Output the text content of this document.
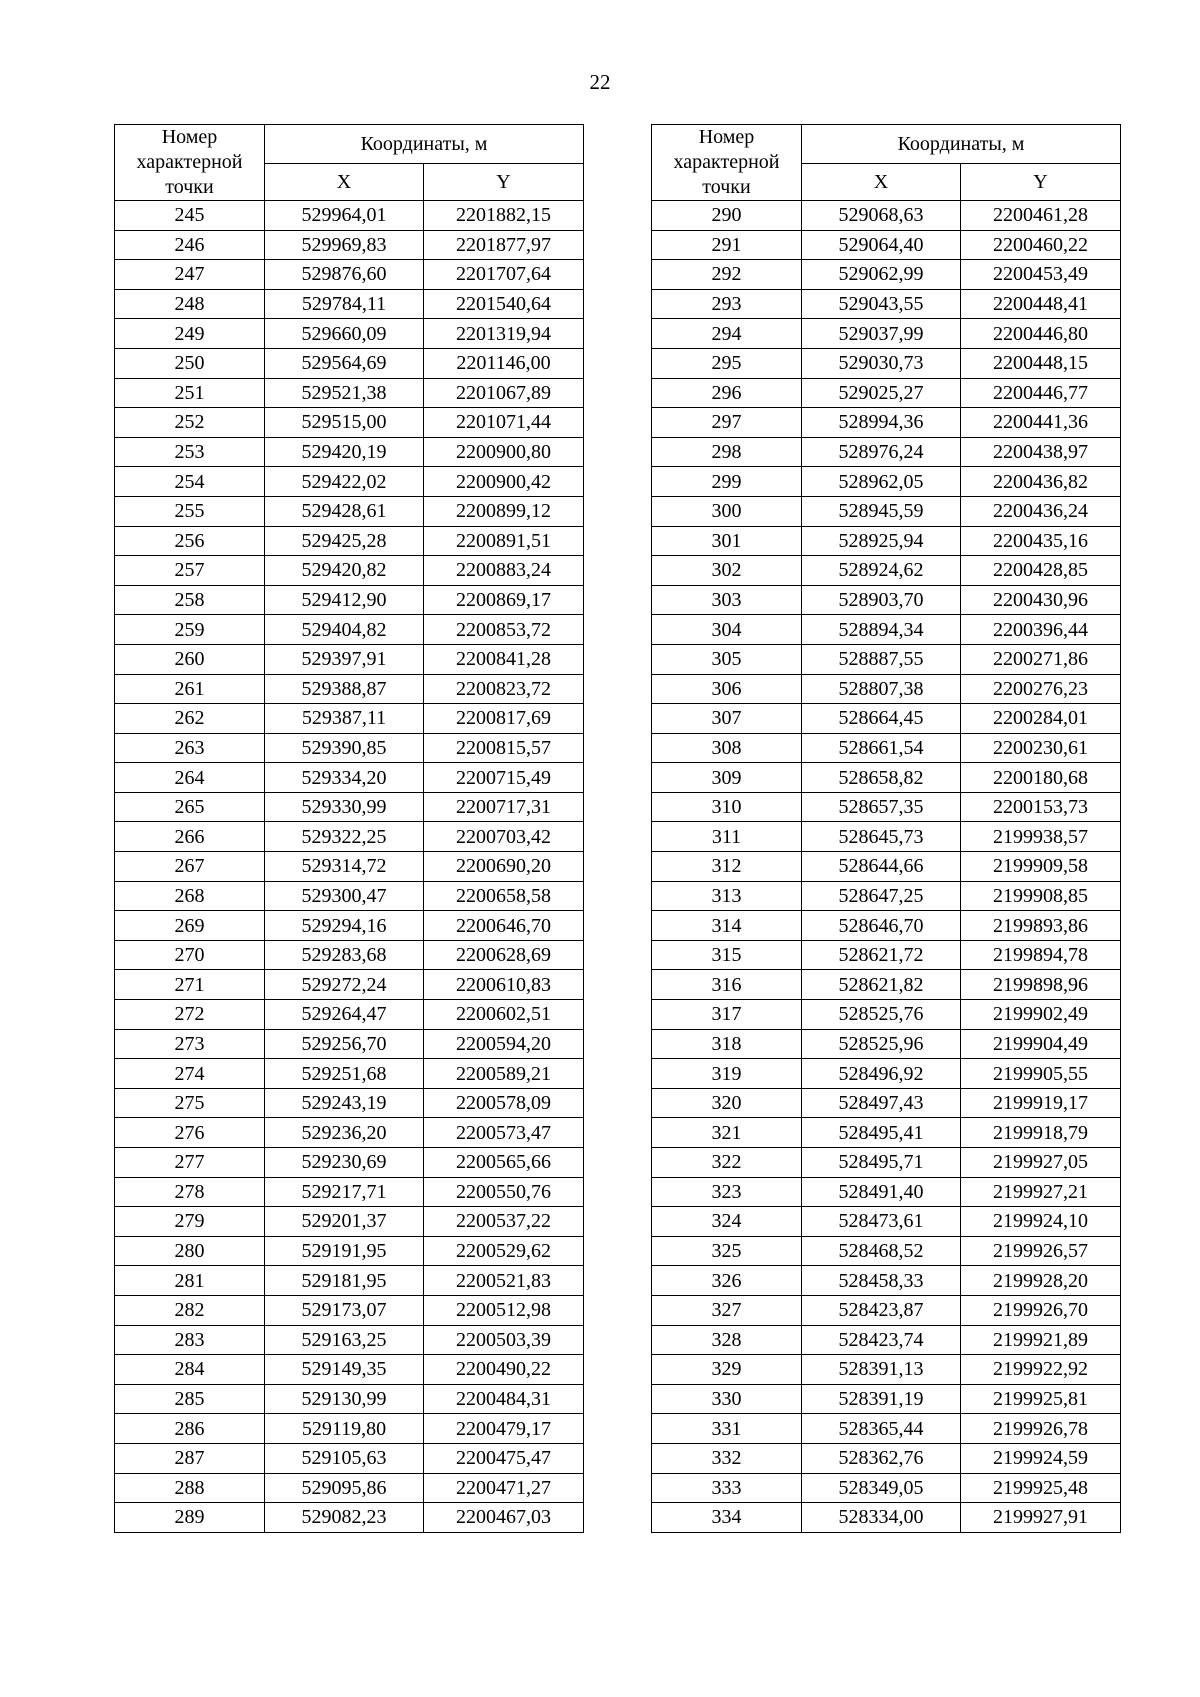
22
Номер характерной точки	Координаты, м	
	X	Y
245	529964,01	2201882,15
246	529969,83	2201877,97
247	529876,60	2201707,64
248	529784,11	2201540,64
249	529660,09	2201319,94
250	529564,69	2201146,00
251	529521,38	2201067,89
252	529515,00	2201071,44
253	529420,19	2200900,80
254	529422,02	2200900,42
255	529428,61	2200899,12
256	529425,28	2200891,51
257	529420,82	2200883,24
258	529412,90	2200869,17
259	529404,82	2200853,72
260	529397,91	2200841,28
261	529388,87	2200823,72
262	529387,11	2200817,69
263	529390,85	2200815,57
264	529334,20	2200715,49
265	529330,99	2200717,31
266	529322,25	2200703,42
267	529314,72	2200690,20
268	529300,47	2200658,58
269	529294,16	2200646,70
270	529283,68	2200628,69
271	529272,24	2200610,83
272	529264,47	2200602,51
273	529256,70	2200594,20
274	529251,68	2200589,21
275	529243,19	2200578,09
276	529236,20	2200573,47
277	529230,69	2200565,66
278	529217,71	2200550,76
279	529201,37	2200537,22
280	529191,95	2200529,62
281	529181,95	2200521,83
282	529173,07	2200512,98
283	529163,25	2200503,39
284	529149,35	2200490,22
285	529130,99	2200484,31
286	529119,80	2200479,17
287	529105,63	2200475,47
288	529095,86	2200471,27
289	529082,23	2200467,03
Номер характерной точки	Координаты, м	
	X	Y
290	529068,63	2200461,28
291	529064,40	2200460,22
292	529062,99	2200453,49
293	529043,55	2200448,41
294	529037,99	2200446,80
295	529030,73	2200448,15
296	529025,27	2200446,77
297	528994,36	2200441,36
298	528976,24	2200438,97
299	528962,05	2200436,82
300	528945,59	2200436,24
301	528925,94	2200435,16
302	528924,62	2200428,85
303	528903,70	2200430,96
304	528894,34	2200396,44
305	528887,55	2200271,86
306	528807,38	2200276,23
307	528664,45	2200284,01
308	528661,54	2200230,61
309	528658,82	2200180,68
310	528657,35	2200153,73
311	528645,73	2199938,57
312	528644,66	2199909,58
313	528647,25	2199908,85
314	528646,70	2199893,86
315	528621,72	2199894,78
316	528621,82	2199898,96
317	528525,76	2199902,49
318	528525,96	2199904,49
319	528496,92	2199905,55
320	528497,43	2199919,17
321	528495,41	2199918,79
322	528495,71	2199927,05
323	528491,40	2199927,21
324	528473,61	2199924,10
325	528468,52	2199926,57
326	528458,33	2199928,20
327	528423,87	2199926,70
328	528423,74	2199921,89
329	528391,13	2199922,92
330	528391,19	2199925,81
331	528365,44	2199926,78
332	528362,76	2199924,59
333	528349,05	2199925,48
334	528334,00	2199927,91
